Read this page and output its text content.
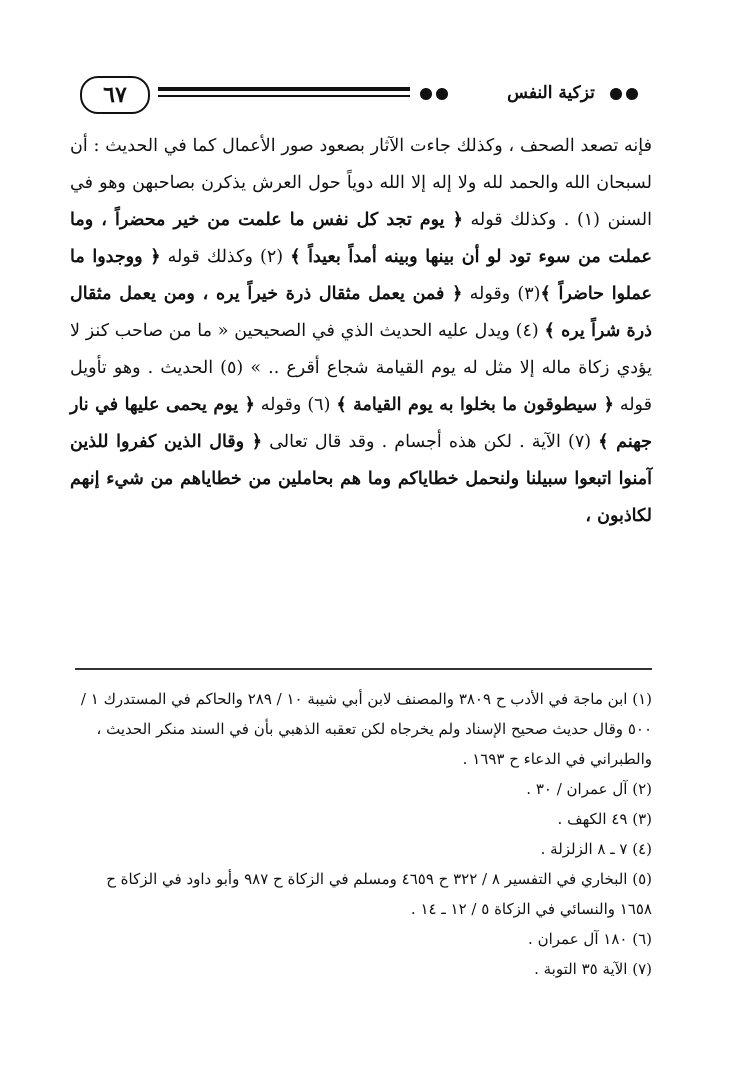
٦٧	تزكية النفس

فإنه تصعد الصحف ، وكذلك جاءت الآثار بصعود صور الأعمال كما في الحديث : أن لسبحان الله والحمد لله ولا إله إلا الله دوياً حول العرش يذكرن بصاحبهن وهو في السنن (١) . وكذلك قوله ﴿ يوم تجد كل نفس ما علمت من خير محضراً ، وما عملت من سوء تود لو أن بينها وبينه أمداً بعيداً ﴾ (٢) وكذلك قوله ﴿ ووجدوا ما عملوا حاضراً ﴾(٣) وقوله ﴿ فمن يعمل مثقال ذرة خيراً يره ، ومن يعمل مثقال ذرة شراً يره ﴾ (٤) ويدل عليه الحديث الذي في الصحيحين « ما من صاحب كنز لا يؤدي زكاة ماله إلا مثل له يوم القيامة شجاع أقرع .. » (٥) الحديث . وهو تأويل قوله ﴿ سيطوقون ما بخلوا به يوم القيامة ﴾ (٦) وقوله ﴿ يوم يحمى عليها في نار جهنم ﴾ (٧) الآية . لكن هذه أجسام . وقد قال تعالى ﴿ وقال الذين كفروا للذين آمنوا اتبعوا سبيلنا ولنحمل خطاياكم وما هم بحاملين من خطاياهم من شيء إنهم لكاذبون ،

(١) ابن ماجة في الأدب ح ٣٨٠٩ والمصنف لابن أبي شيبة ١٠ / ٢٨٩ والحاكم في المستدرك ١ / ٥٠٠ وقال حديث صحيح الإسناد ولم يخرجاه لكن تعقبه الذهبي بأن في السند منكر الحديث ، والطبراني في الدعاء ح ١٦٩٣ .
(٢) آل عمران / ٣٠ .
(٣) ٤٩ الكهف .
(٤) ٧ ـ ٨ الزلزلة .
(٥) البخاري في التفسير ٨ / ٣٢٢ ح ٤٦٥٩ ومسلم في الزكاة ح ٩٨٧ وأبو داود في الزكاة ح ١٦٥٨ والنسائي في الزكاة ٥ / ١٢ ـ ١٤ .
(٦) ١٨٠ آل عمران .
(٧) الآية ٣٥ التوبة .
